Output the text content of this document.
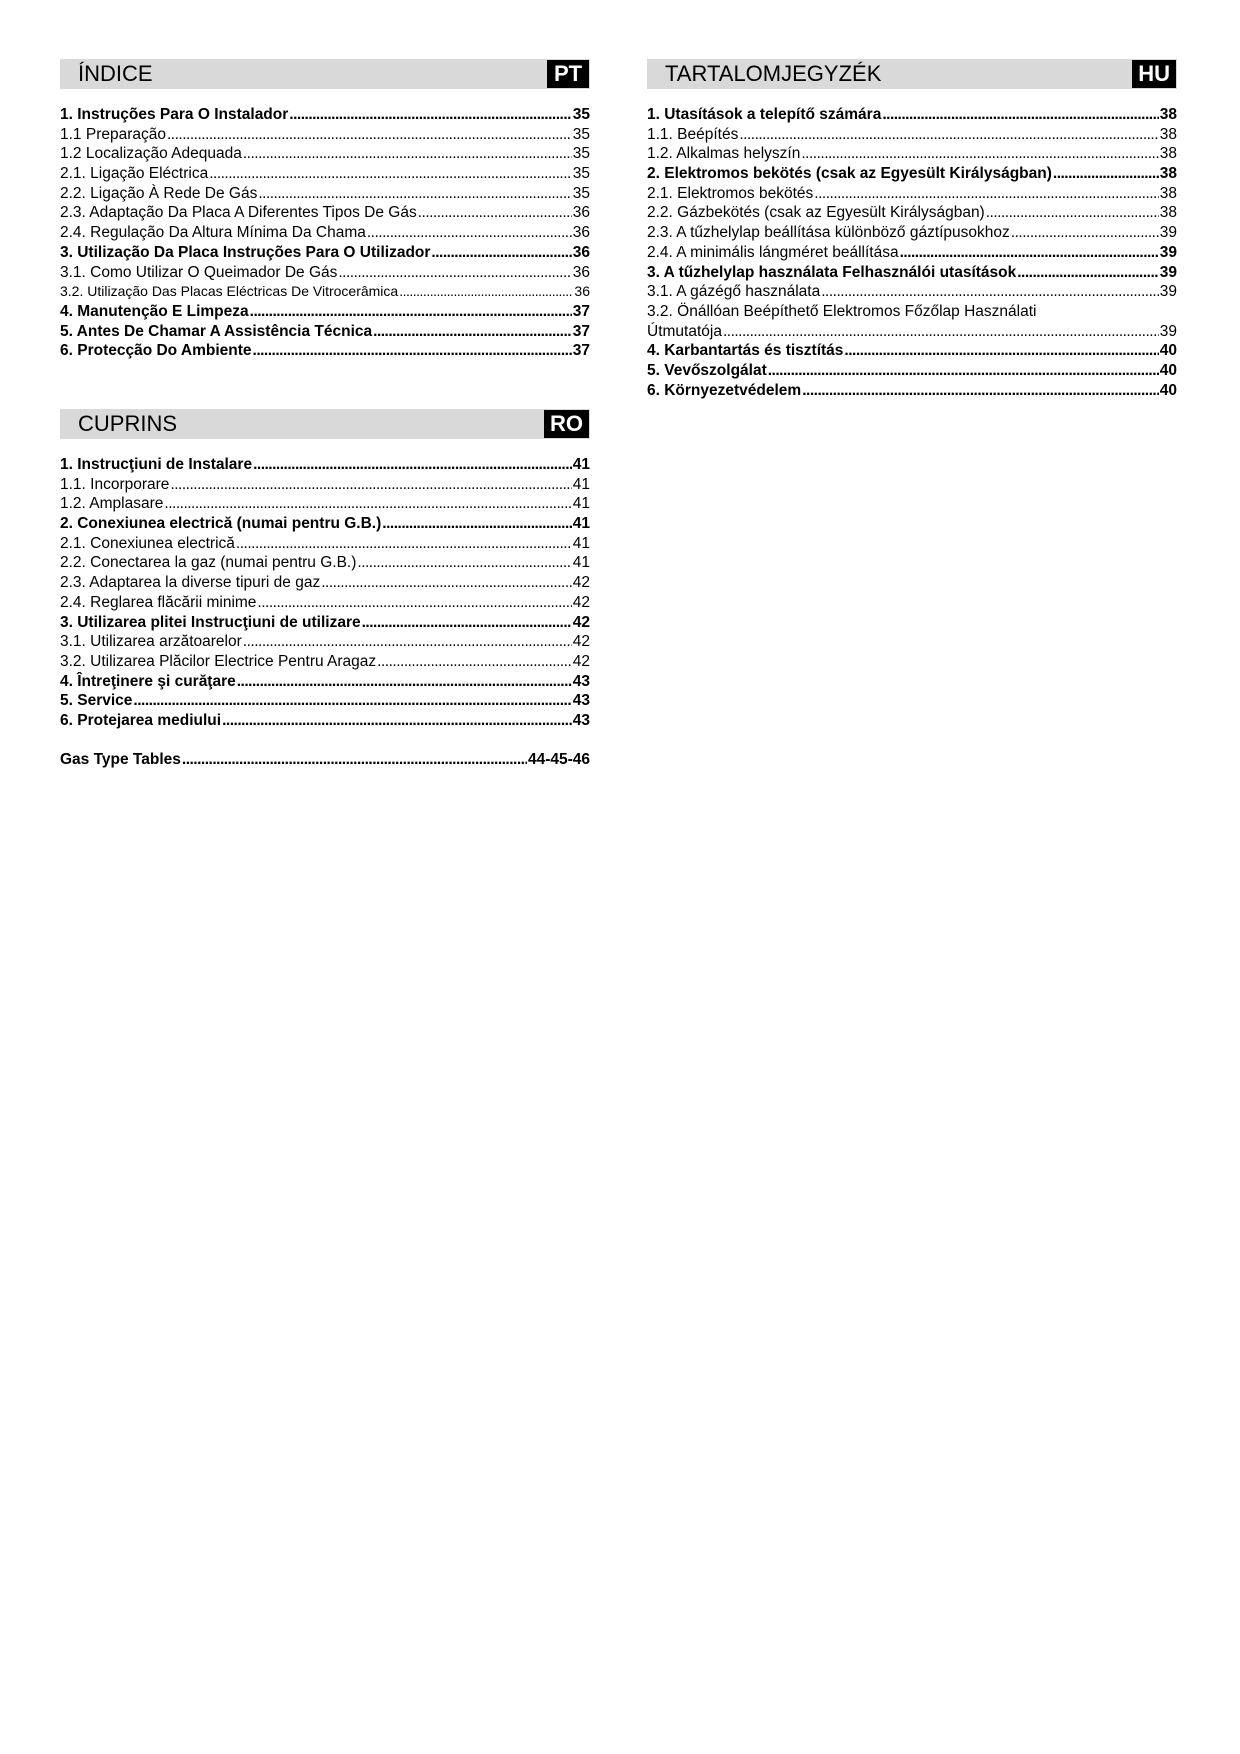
ÍNDICE	PT
1. Instruções Para O Instalador .....	35
1.1 Preparação .....	35
1.2 Localização Adequada .....	35
2.1. Ligação Eléctrica .....	35
2.2. Ligação À Rede De Gás .....	35
2.3. Adaptação Da Placa A Diferentes Tipos De Gás .....	36
2.4. Regulação Da Altura Mínima Da Chama .....	36
3. Utilização Da Placa Instruções Para O Utilizador .....	36
3.1. Como Utilizar O Queimador De Gás .....	36
3.2. Utilização Das Placas Eléctricas De Vitrocerâmica .....	36
4. Manutenção E Limpeza .....	37
5. Antes De Chamar A Assistência Técnica .....	37
6. Protecção Do Ambiente .....	37
CUPRINS	RO
1. Instrucţiuni de Instalare .....	41
1.1. Incorporare .....	41
1.2. Amplasare .....	41
2. Conexiunea electrică (numai pentru G.B.) .....	41
2.1. Conexiunea electrică .....	41
2.2. Conectarea la gaz (numai pentru G.B.) .....	41
2.3. Adaptarea la diverse tipuri de gaz .....	42
2.4. Reglarea flăcării minime .....	42
3. Utilizarea plitei Instrucţiuni de utilizare .....	42
3.1. Utilizarea arzătoarelor .....	42
3.2. Utilizarea Plăcilor Electrice Pentru Aragaz .....	42
4. Întreţinere şi curăţare .....	43
5. Service .....	43
6. Protejarea mediului .....	43
Gas Type Tables .....	44-45-46
TARTALOMJEGYZÉK	HU
1. Utasítások a telepítő számára .....	38
1.1. Beépítés .....	38
1.2. Alkalmas helyszín .....	38
2. Elektromos bekötés (csak az Egyesült Királyságban) .....	38
2.1. Elektromos bekötés .....	38
2.2. Gázbekötés (csak az Egyesült Királyságban) .....	38
2.3. A tűzhelylap beállítása különböző gáztípusokhoz .....	39
2.4. A minimális lángméret beállítása .....	39
3. A tűzhelylap használata Felhasználói utasítások .....	39
3.1. A gázégő használata .....	39
3.2. Önállóan Beépíthető Elektromos Főzőlap Használati
Útmutatója .....	39
4. Karbantartás és tisztítás .....	40
5. Vevőszolgálat .....	40
6. Környezetvédelem .....	40
